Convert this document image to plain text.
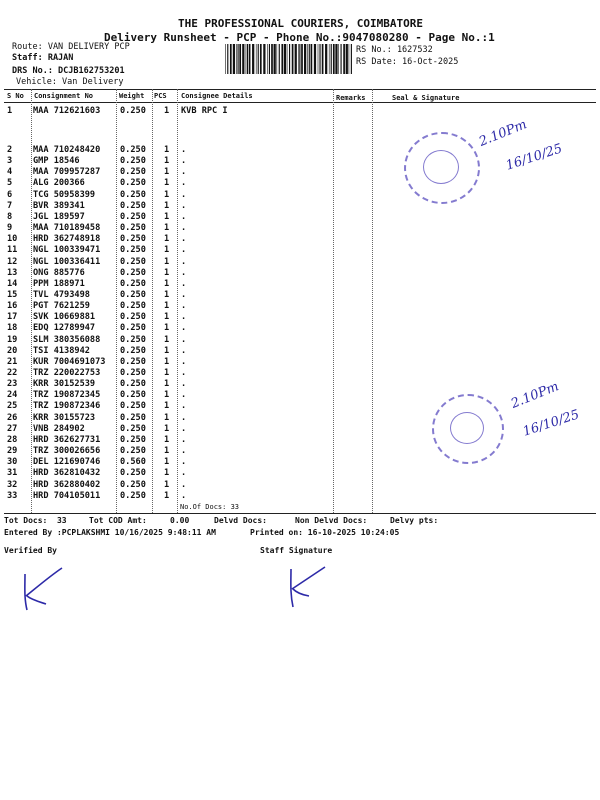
THE PROFESSIONAL COURIERS, COIMBATORE
Delivery Runsheet - PCP - Phone No.:9047080280 - Page No.:1
Route: VAN DELIVERY PCP
Staff: RAJAN
DRS No.: DCJB162753201
Vehicle: Van Delivery
RS No.: 1627532
RS Date: 16-Oct-2025
S No Consignment No	Weight PCS Consignee Details	Remarks	Seal & Signature
1 MAA 712621603 0.250 1 KVB RPC I
2 MAA 710248420 0.250 1 .
3 GMP 18546	0.250 1 .
4 MAA 709957287 0.250 1 .
5 ALG 200366	0.250 1 .
6 TCG 50958399	0.250 1 .
7 BVR 389341	0.250 1 .
8 JGL 189597	0.250 1 .
9 MAA 710189458 0.250 1 .
10 HRD 362748918 0.250 1 .
11 NGL 100339471 0.250 1 .
12 NGL 100336411 0.250 1 .
13 ONG 885776	0.250 1 .
14 PPM 188971	0.250 1 .
15 TVL 4793498	0.250 1 .
16 PGT 7621259	0.250 1 .
17 SVK 10669881	0.250 1 .
18 EDQ 12789947	0.250 1 .
19 SLM 380356088 0.250 1 .
20 TSI 4138942	0.250 1 .
21 KUR 7004691073 0.250 1 .
22 TRZ 220022753 0.250 1 .
23 KRR 30152539	0.250 1 .
24 TRZ 190872345 0.250 1 .
25 TRZ 190872346 0.250 1 .
26 KRR 30155723	0.250 1 .
27 VNB 284902	0.250 1 .
28 HRD 362627731 0.250 1 .
29 TRZ 300026656 0.250 1 .
30 DEL 121690746 0.560 1 .
31 HRD 362810432 0.250 1 .
32 HRD 362880402 0.250 1 .
33 HRD 704105011 0.250 1 .
No.Of Docs: 33
Tot Docs:  33	Tot COD Amt:	0.00	Delvd Docs:	Non Delvd Docs:	Delvy pts:
Entered By :PCPLAKSHMI 10/16/2025 9:48:11 AM	Printed on: 16-10-2025 10:24:05
Verified By	Staff Signature
2.10Pm
16/10/25
2.10Pm
16/10/25
